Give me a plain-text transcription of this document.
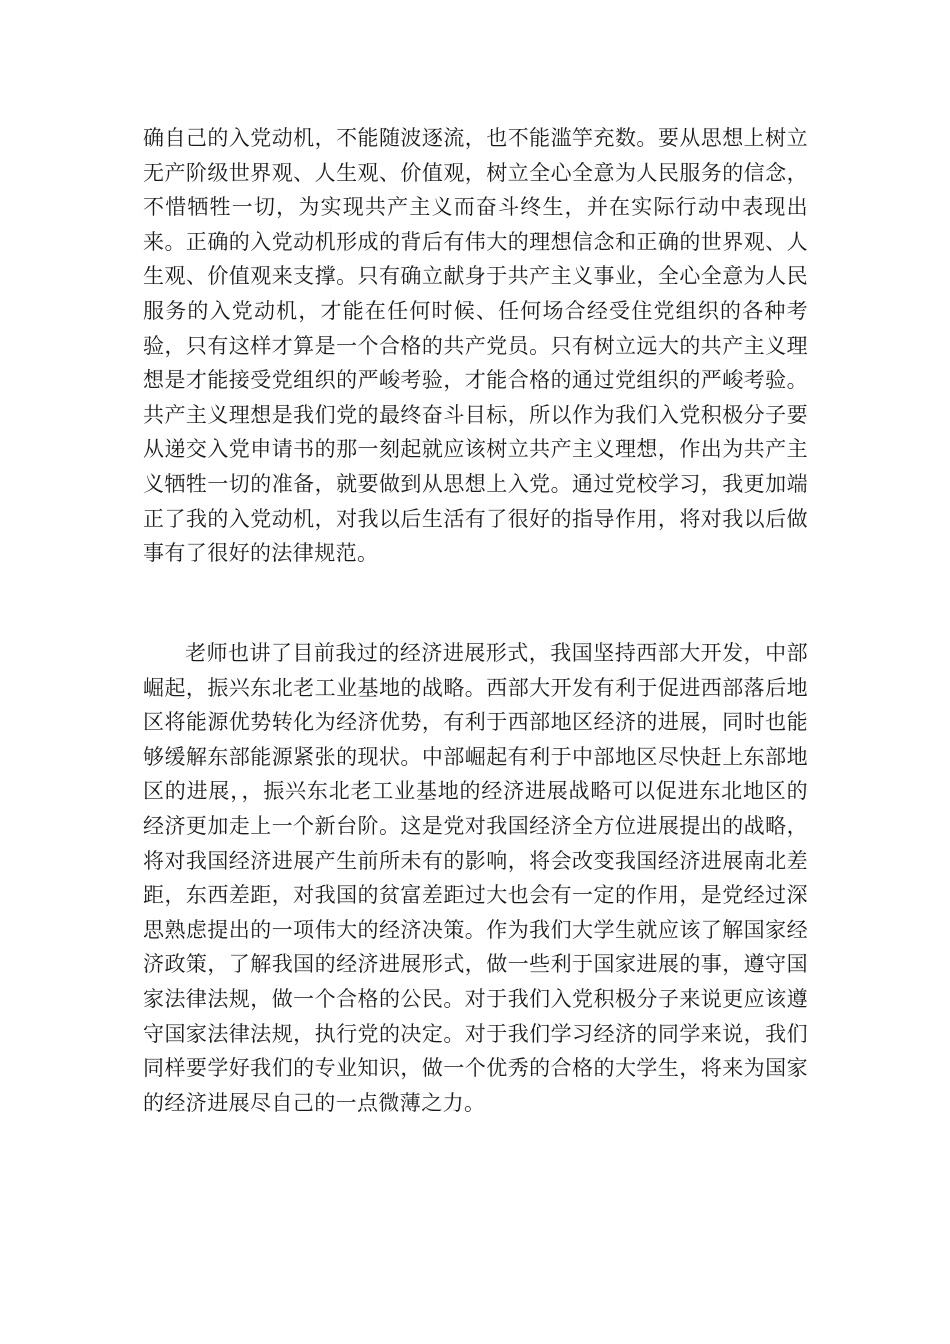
确自己的入党动机，不能随波逐流，也不能滥竽充数。要从思想上树立无产阶级世界观、人生观、价值观，树立全心全意为人民服务的信念，不惜牺牲一切，为实现共产主义而奋斗终生，并在实际行动中表现出来。正确的入党动机形成的背后有伟大的理想信念和正确的世界观、人生观、价值观来支撑。只有确立献身于共产主义事业，全心全意为人民服务的入党动机，才能在任何时候、任何场合经受住党组织的各种考验，只有这样才算是一个合格的共产党员。只有树立远大的共产主义理想是才能接受党组织的严峻考验，才能合格的通过党组织的严峻考验。共产主义理想是我们党的最终奋斗目标，所以作为我们入党积极分子要从递交入党申请书的那一刻起就应该树立共产主义理想，作出为共产主义牺牲一切的准备，就要做到从思想上入党。通过党校学习，我更加端正了我的入党动机，对我以后生活有了很好的指导作用，将对我以后做事有了很好的法律规范。

老师也讲了目前我过的经济进展形式，我国坚持西部大开发，中部崛起，振兴东北老工业基地的战略。西部大开发有利于促进西部落后地区将能源优势转化为经济优势，有利于西部地区经济的进展，同时也能够缓解东部能源紧张的现状。中部崛起有利于中部地区尽快赶上东部地区的进展，，振兴东北老工业基地的经济进展战略可以促进东北地区的经济更加走上一个新台阶。这是党对我国经济全方位进展提出的战略，将对我国经济进展产生前所未有的影响，将会改变我国经济进展南北差距，东西差距，对我国的贫富差距过大也会有一定的作用，是党经过深思熟虑提出的一项伟大的经济决策。作为我们大学生就应该了解国家经济政策，了解我国的经济进展形式，做一些利于国家进展的事，遵守国家法律法规，做一个合格的公民。对于我们入党积极分子来说更应该遵守国家法律法规，执行党的决定。对于我们学习经济的同学来说，我们同样要学好我们的专业知识，做一个优秀的合格的大学生，将来为国家的经济进展尽自己的一点微薄之力。
